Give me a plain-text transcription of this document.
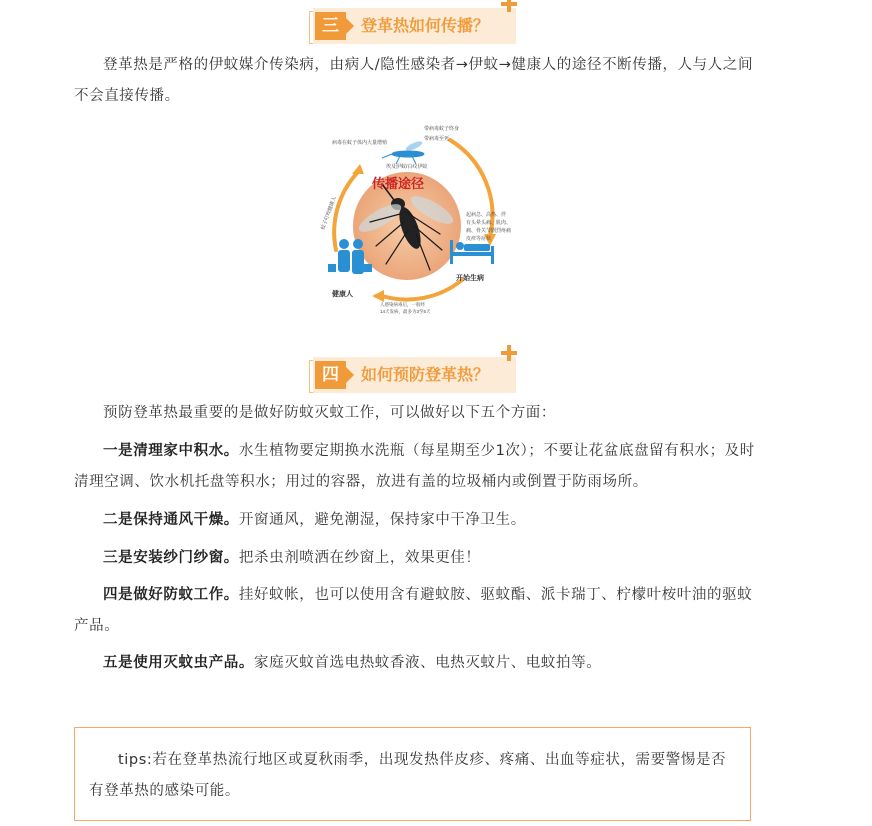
三	登革热如何传播？

登革热是严格的伊蚊媒介传染病，由病人/隐性感染者→伊蚊→健康人的途径不断传播，人与人之间不会直接传播。

传播途径
病毒在蚊子体内大量增殖
带病毒蚊子终身
带病毒至死
埃及伊蚊/白纹伊蚊
蚊子叮咬健康人	起病急、高热、伴
有头晕头痛、肌肉、
痛、骨关节剧烈疼痛
皮疹等症状
健康人
开始生病
人感染病毒后，一般经
14天发病，最多为3至5天
四	如何预防登革热？

预防登革热最重要的是做好防蚊灭蚊工作，可以做好以下五个方面：

一是清理家中积水。水生植物要定期换水洗瓶（每星期至少1次）；不要让花盆底盘留有积水；及时清理空调、饮水机托盘等积水；用过的容器，放进有盖的垃圾桶内或倒置于防雨场所。

二是保持通风干燥。开窗通风，避免潮湿，保持家中干净卫生。

三是安装纱门纱窗。把杀虫剂喷洒在纱窗上，效果更佳！

四是做好防蚊工作。挂好蚊帐，也可以使用含有避蚊胺、驱蚊酯、派卡瑞丁、柠檬叶桉叶油的驱蚊产品。

五是使用灭蚊虫产品。家庭灭蚊首选电热蚊香液、电热灭蚊片、电蚊拍等。

tips:若在登革热流行地区或夏秋雨季，出现发热伴皮疹、疼痛、出血等症状，需要警惕是否有登革热的感染可能。
